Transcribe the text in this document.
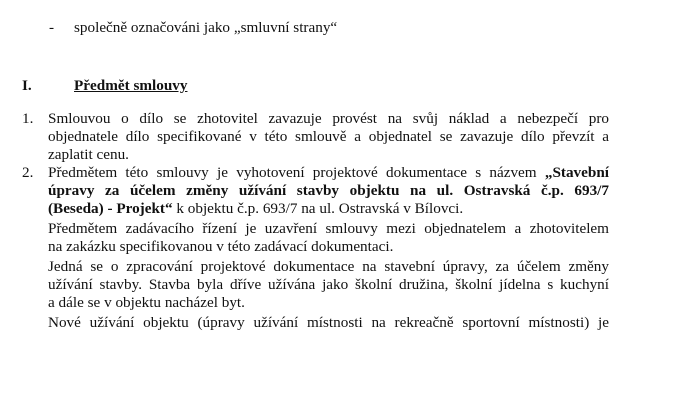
- společně označováni jako „smluvní strany“
I.	Předmět smlouvy
1. Smlouvou o dílo se zhotovitel zavazuje provést na svůj náklad a nebezpečí pro
objednatele dílo specifikované v této smlouvě a objednatel se zavazuje dílo převzít a
zaplatit cenu.
2. Předmětem této smlouvy je vyhotovení projektové dokumentace s názvem „Stavební
úpravy za účelem změny užívání stavby objektu na ul. Ostravská č.p. 693/7
(Beseda) - Projekt“ k objektu č.p. 693/7 na ul. Ostravská v Bílovci.
Předmětem zadávacího řízení je uzavření smlouvy mezi objednatelem a zhotovitelem
na zakázku specifikovanou v této zadávací dokumentaci.
Jedná se o zpracování projektové dokumentace na stavební úpravy, za účelem změny
užívání stavby. Stavba byla dříve užívána jako školní družina, školní jídelna s kuchyní
a dále se v objektu nacházel byt.
Nové užívání objektu (úpravy užívání místnosti na rekreačně sportovní místnosti) je
